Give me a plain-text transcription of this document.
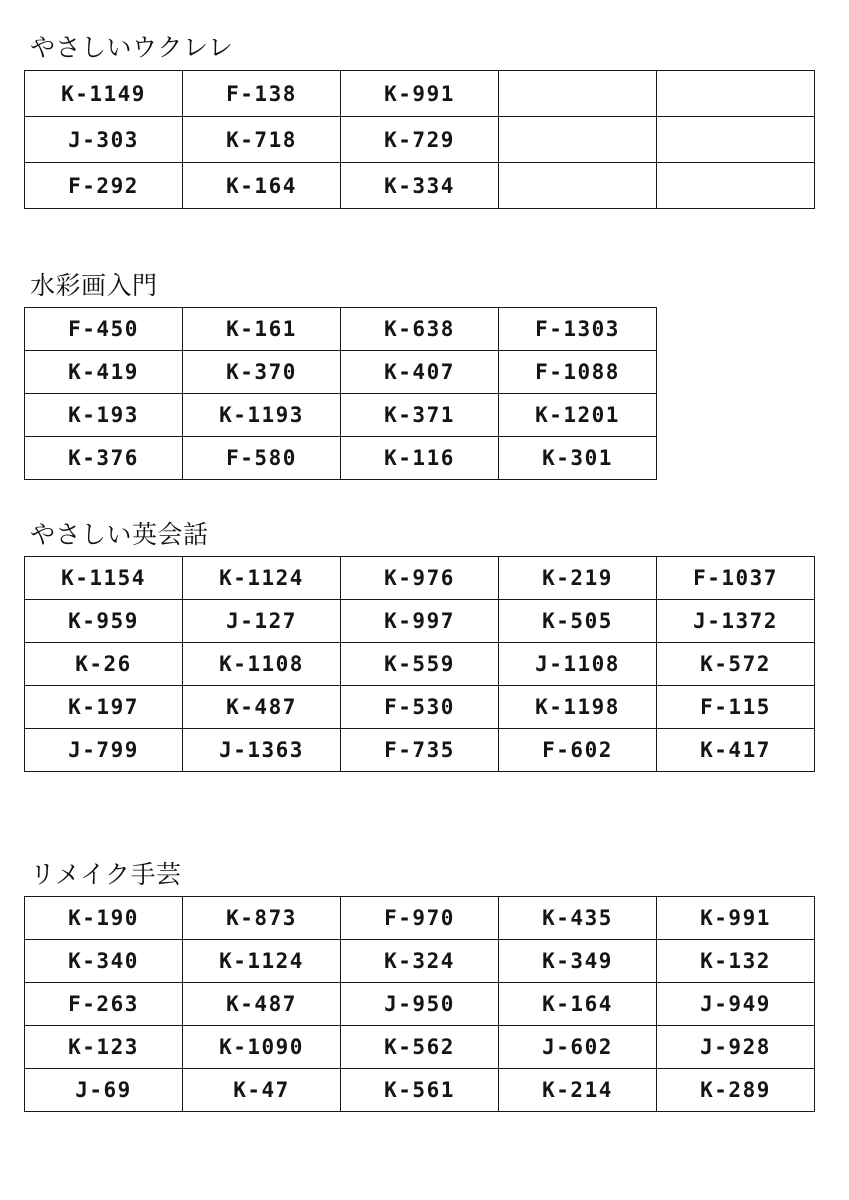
やさしいウクレレ
K-1149	F-138	K-991		
J-303	K-718	K-729		
F-292	K-164	K-334		
水彩画入門
F-450	K-161	K-638	F-1303
K-419	K-370	K-407	F-1088
K-193	K-1193	K-371	K-1201
K-376	F-580	K-116	K-301
やさしい英会話
K-1154	K-1124	K-976	K-219	F-1037
K-959	J-127	K-997	K-505	J-1372
K-26	K-1108	K-559	J-1108	K-572
K-197	K-487	F-530	K-1198	F-115
J-799	J-1363	F-735	F-602	K-417
リメイク手芸
K-190	K-873	F-970	K-435	K-991
K-340	K-1124	K-324	K-349	K-132
F-263	K-487	J-950	K-164	J-949
K-123	K-1090	K-562	J-602	J-928
J-69	K-47	K-561	K-214	K-289
